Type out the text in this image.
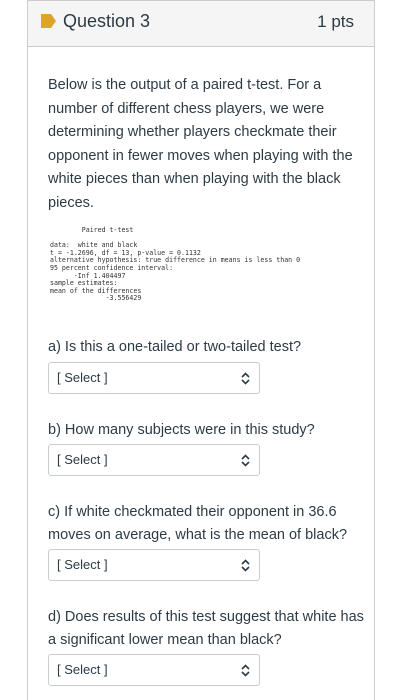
Question 3	1 pts

Below is the output of a paired t-test. For a number of different chess players, we were determining whether players checkmate their opponent in fewer moves when playing with the white pieces than when playing with the black pieces.

Paired t-test

data:  white and black
t = -1.2696, df = 13, p-value = 0.1132
alternative hypothesis: true difference in means is less than 0
95 percent confidence interval:
-Inf 1.404497
sample estimates:
mean of the differences
-3.556429

a) Is this a one-tailed or two-tailed test?

[ Select ]

b) How many subjects were in this study?

[ Select ]

c) If white checkmated their opponent in 36.6 moves on average, what is the mean of black?

[ Select ]

d) Does results of this test suggest that white has a significant lower mean than black?

[ Select ]
